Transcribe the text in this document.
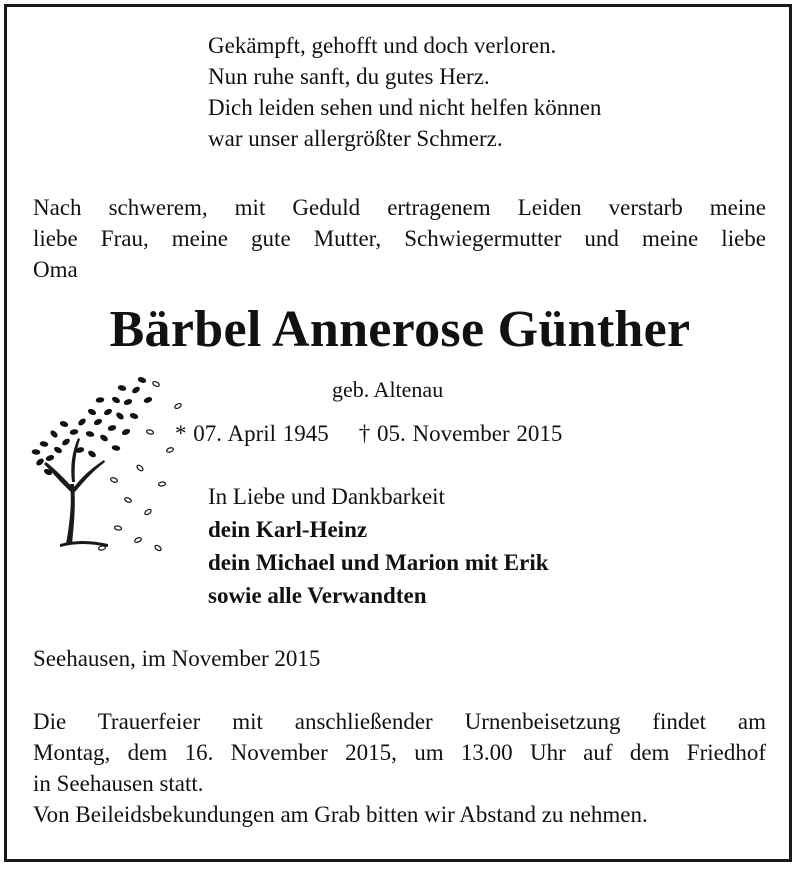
Gekämpft, gehofft und doch verloren.
Nun ruhe sanft, du gutes Herz.
Dich leiden sehen und nicht helfen können
war unser allergrößter Schmerz.
Nach schwerem, mit Geduld ertragenem Leiden verstarb meine
liebe Frau, meine gute Mutter, Schwiegermutter und meine liebe
Oma
Bärbel Annerose Günther
geb. Altenau
* 07. April 1945 † 05. November 2015
In Liebe und Dankbarkeit
dein Karl-Heinz
dein Michael und Marion mit Erik
sowie alle Verwandten
Seehausen, im November 2015
Die Trauerfeier mit anschließender Urnenbeisetzung findet am
Montag, dem 16. November 2015, um 13.00 Uhr auf dem Friedhof
in Seehausen statt.
Von Beileidsbekundungen am Grab bitten wir Abstand zu nehmen.
